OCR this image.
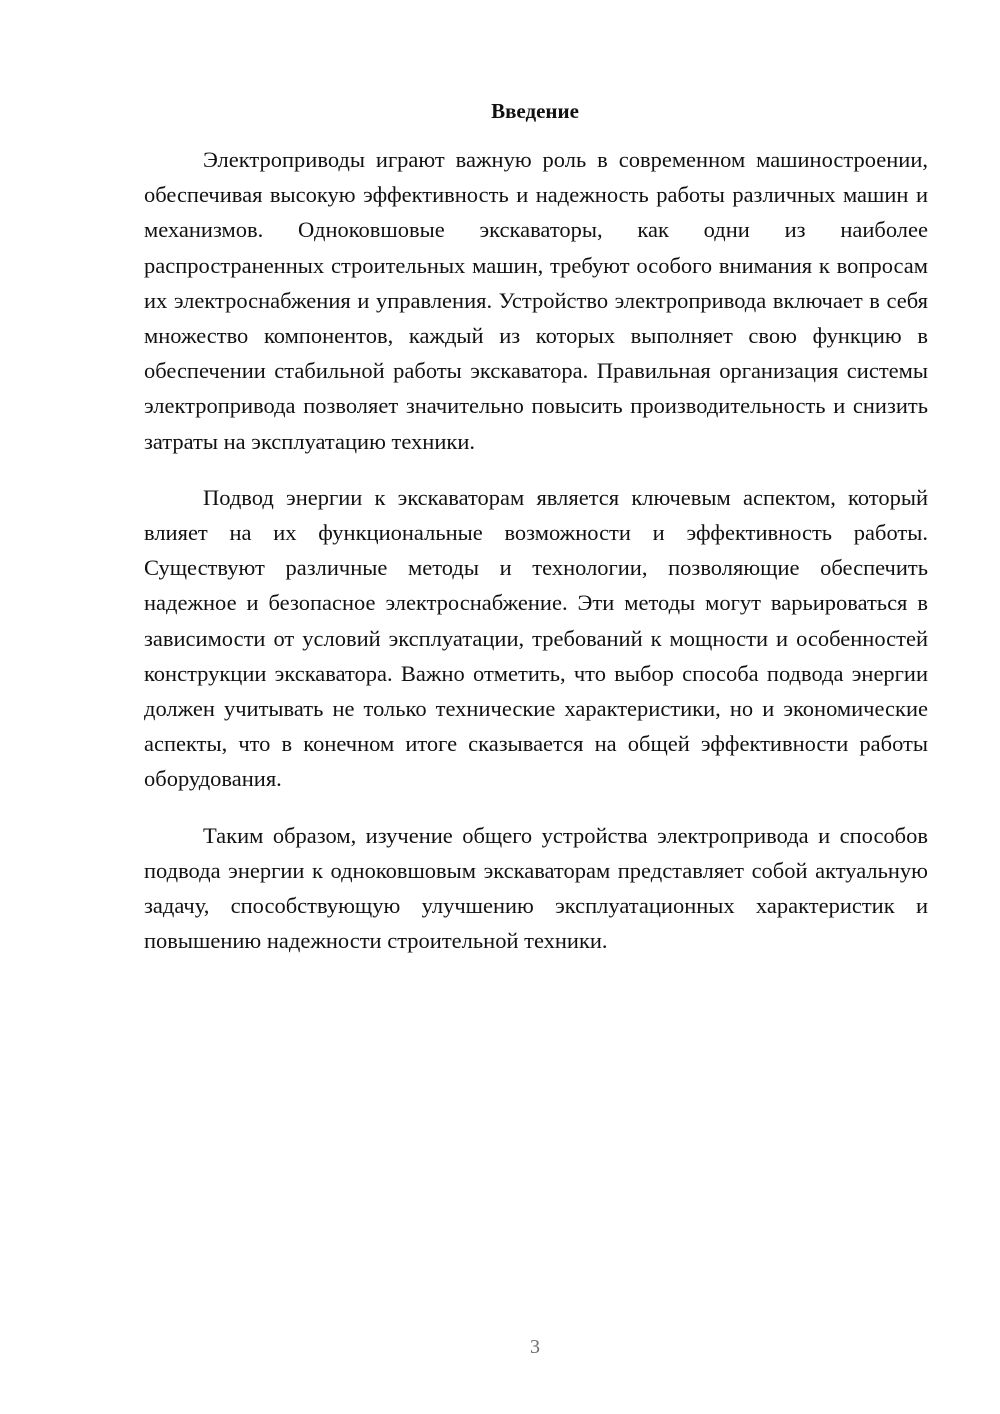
Введение

Электроприводы играют важную роль в современном машиностроении, обеспечивая высокую эффективность и надежность работы различных машин и механизмов. Одноковшовые экскаваторы, как одни из наиболее распространенных строительных машин, требуют особого внимания к вопросам их электроснабжения и управления. Устройство электропривода включает в себя множество компонентов, каждый из которых выполняет свою функцию в обеспечении стабильной работы экскаватора. Правильная организация системы электропривода позволяет значительно повысить производительность и снизить затраты на эксплуатацию техники.

Подвод энергии к экскаваторам является ключевым аспектом, который влияет на их функциональные возможности и эффективность работы. Существуют различные методы и технологии, позволяющие обеспечить надежное и безопасное электроснабжение. Эти методы могут варьироваться в зависимости от условий эксплуатации, требований к мощности и особенностей конструкции экскаватора. Важно отметить, что выбор способа подвода энергии должен учитывать не только технические характеристики, но и экономические аспекты, что в конечном итоге сказывается на общей эффективности работы оборудования.

Таким образом, изучение общего устройства электропривода и способов подвода энергии к одноковшовым экскаваторам представляет собой актуальную задачу, способствующую улучшению эксплуатационных характеристик и повышению надежности строительной техники.

3
